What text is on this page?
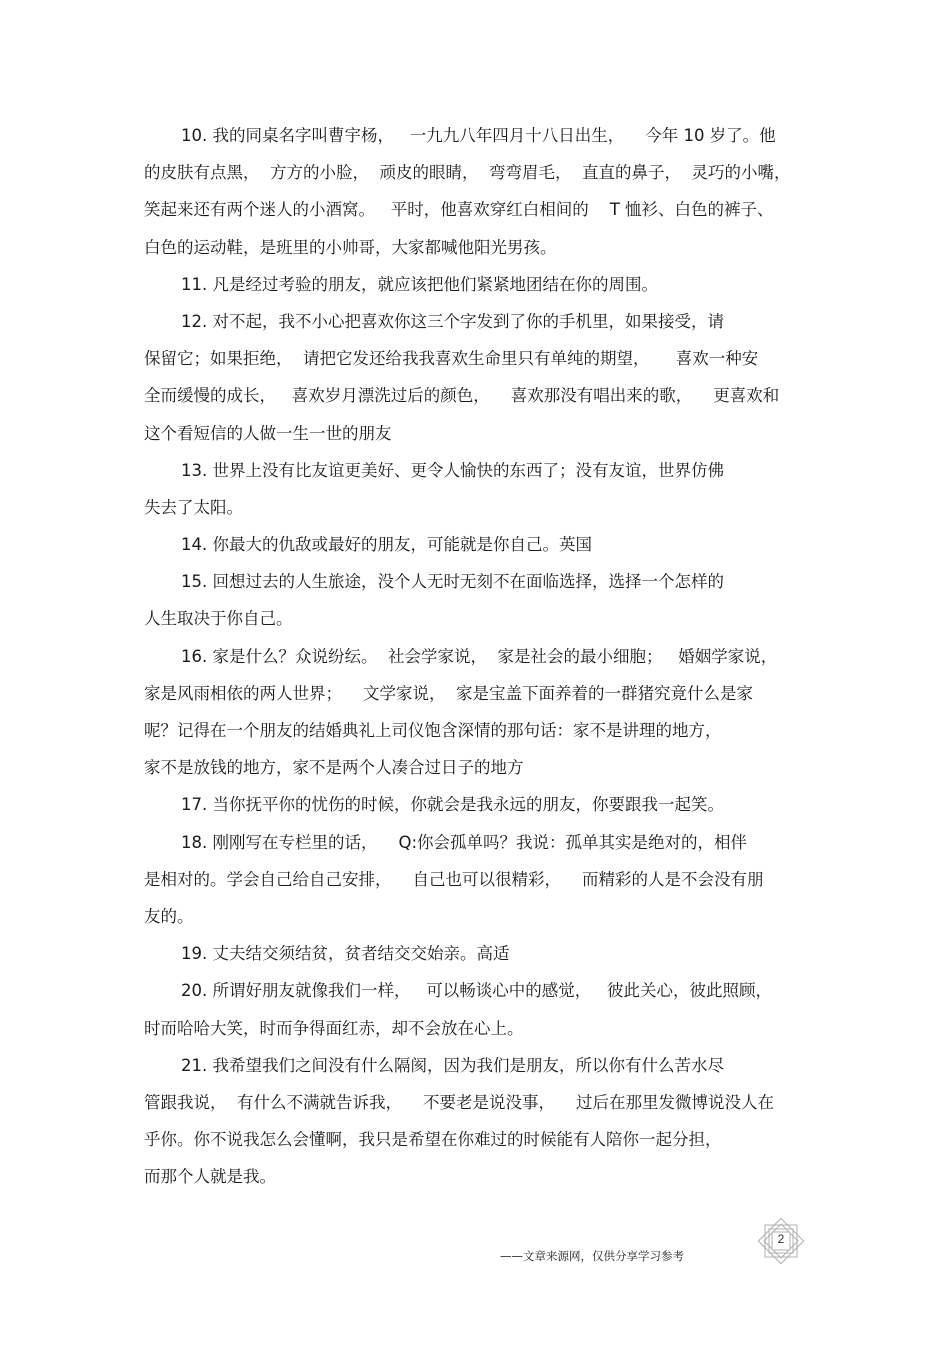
10. 我的同桌名字叫曹宇杨，   一九九八年四月十八日出生，    今年 10 岁了。他
的皮肤有点黑，  方方的小脸，  顽皮的眼睛，  弯弯眉毛，  直直的鼻子，  灵巧的小嘴，
笑起来还有两个迷人的小酒窝。   平时，他喜欢穿红白相间的    T 恤衫、白色的裤子、
白色的运动鞋，是班里的小帅哥，大家都喊他阳光男孩。
11. 凡是经过考验的朋友，就应该把他们紧紧地团结在你的周围。
12. 对不起，我不小心把喜欢你这三个字发到了你的手机里，如果接受，请
保留它；如果拒绝，  请把它发还给我我喜欢生命里只有单纯的期望，     喜欢一种安
全而缓慢的成长，   喜欢岁月漂洗过后的颜色，    喜欢那没有唱出来的歌，    更喜欢和
这个看短信的人做一生一世的朋友
13. 世界上没有比友谊更美好、更令人愉快的东西了；没有友谊，世界仿佛
失去了太阳。
14. 你最大的仇敌或最好的朋友，可能就是你自己。英国
15. 回想过去的人生旅途，没个人无时无刻不在面临选择，选择一个怎样的
人生取决于你自己。
16. 家是什么？众说纷纭。  社会学家说，  家是社会的最小细胞；   婚姻学家说，
家是风雨相依的两人世界；    文学家说，  家是宝盖下面养着的一群猪究竟什么是家
呢？记得在一个朋友的结婚典礼上司仪饱含深情的那句话：家不是讲理的地方，
家不是放钱的地方，家不是两个人凑合过日子的地方
17. 当你抚平你的忧伤的时候，你就会是我永远的朋友，你要跟我一起笑。
18. 刚刚写在专栏里的话，    Q:你会孤单吗？我说：孤单其实是绝对的，相伴
是相对的。学会自己给自己安排，    自己也可以很精彩，    而精彩的人是不会没有朋
友的。
19. 丈夫结交须结贫，贫者结交交始亲。高适
20. 所谓好朋友就像我们一样，   可以畅谈心中的感觉，   彼此关心，彼此照顾，
时而哈哈大笑，时而争得面红赤，却不会放在心上。
21. 我希望我们之间没有什么隔阂，因为我们是朋友，所以你有什么苦水尽
管跟我说，  有什么不满就告诉我，    不要老是说没事，    过后在那里发微博说没人在
乎你。你不说我怎么会懂啊，我只是希望在你难过的时候能有人陪你一起分担，
而那个人就是我。
2
——文章来源网，仅供分享学习参考
